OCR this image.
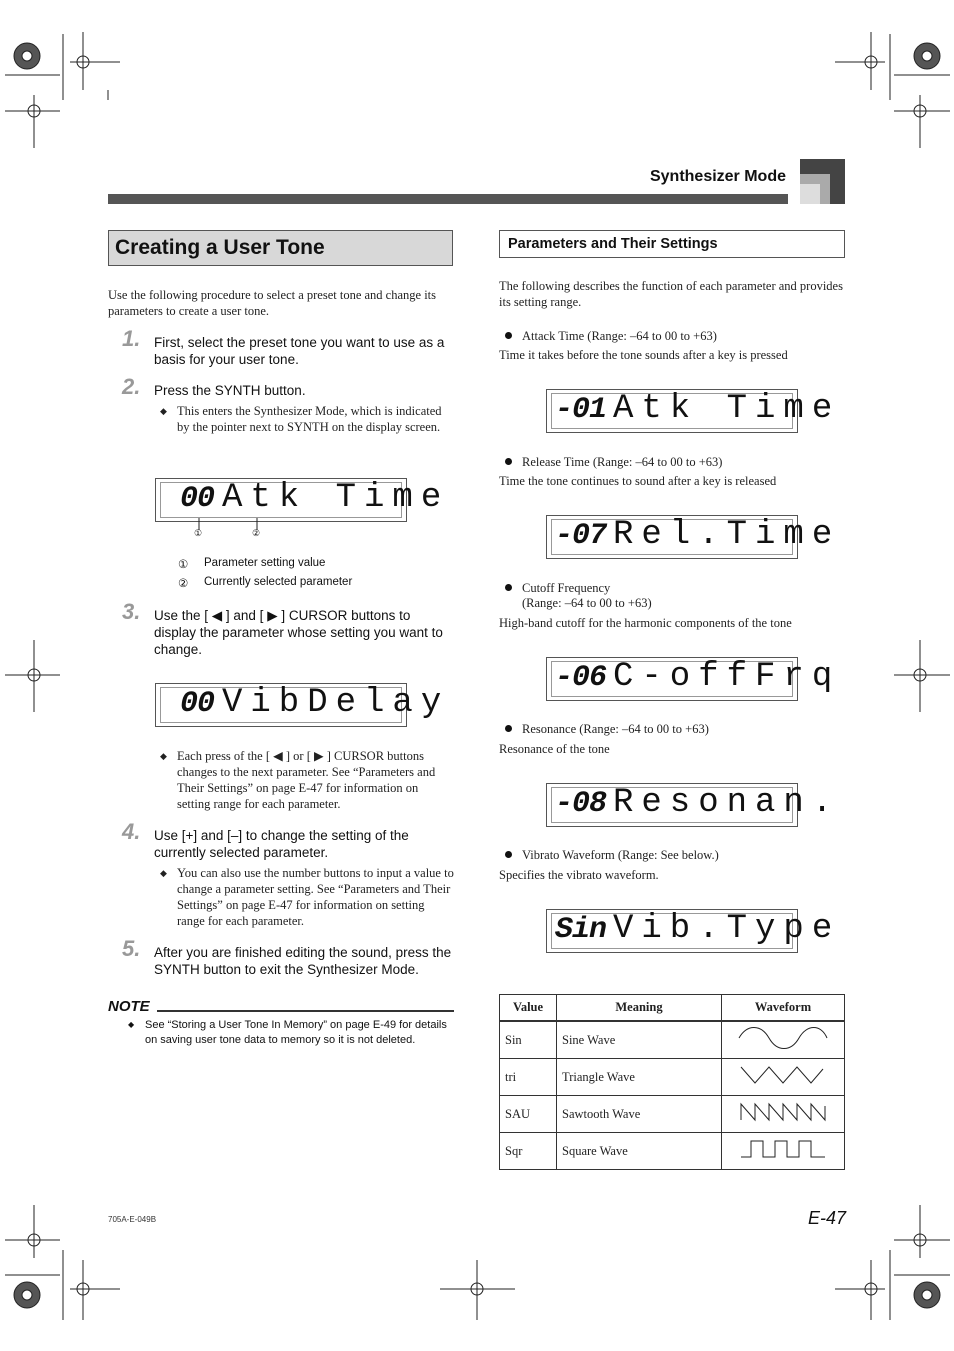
Synthesizer Mode
Creating a User Tone
Use the following procedure to select a preset tone and change its parameters to create a user tone.
1. First, select the preset tone you want to use as a basis for your user tone.
2. Press the SYNTH button.
◆ This enters the Synthesizer Mode, which is indicated by the pointer next to SYNTH on the display screen.
00 Atk Time
①	②
① Parameter setting value
② Currently selected parameter
3. Use the [ ◀ ] and [ ▶ ] CURSOR buttons to display the parameter whose setting you want to change.
00 VibDelay
◆ Each press of the [ ◀ ] or [ ▶ ] CURSOR buttons changes to the next parameter. See “Parameters and Their Settings” on page E-47 for information on setting range for each parameter.
4. Use [+] and [–] to change the setting of the currently selected parameter.
◆ You can also use the number buttons to input a value to change a parameter setting. See “Parameters and Their Settings” on page E-47 for information on setting range for each parameter.
5. After you are finished editing the sound, press the SYNTH button to exit the Synthesizer Mode.
NOTE
◆ See “Storing a User Tone In Memory” on page E-49 for details on saving user tone data to memory so it is not deleted.
Parameters and Their Settings
The following describes the function of each parameter and provides its setting range.
Attack Time (Range: –64 to 00 to +63)
Time it takes before the tone sounds after a key is pressed
-01 Atk Time
Release Time (Range: –64 to 00 to +63)
Time the tone continues to sound after a key is released
-07 Rel.Time
Cutoff Frequency
(Range: –64 to 00 to +63)
High-band cutoff for the harmonic components of the tone
-06 C-offFrq
Resonance (Range: –64 to 00 to +63)
Resonance of the tone
-08 Resonan.
Vibrato Waveform (Range: See below.)
Specifies the vibrato waveform.
Sin Vib.Type
Value	Meaning	Waveform
Sin	Sine Wave	
tri	Triangle Wave	
SAU	Sawtooth Wave	
Sqr	Square Wave	
705A-E-049B	E-47
